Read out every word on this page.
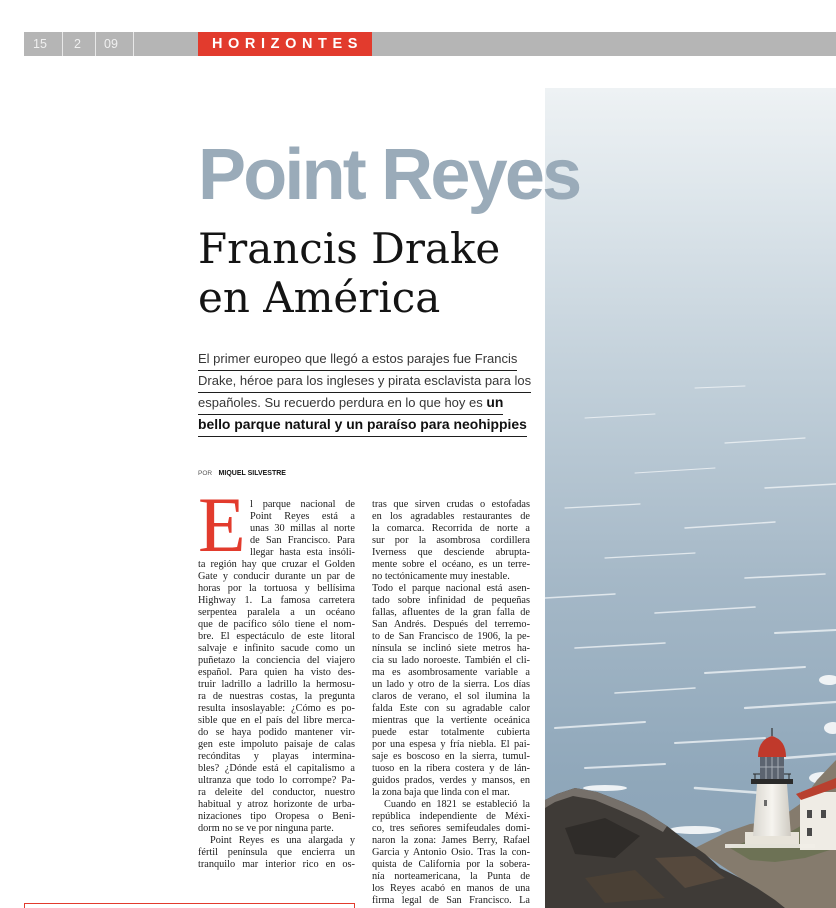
15 2 09	HORIZONTES
Point Reyes
Francis Drake
en América
El primer europeo que llegó a estos parajes fue Francis
Drake, héroe para los ingleses y pirata esclavista para los
españoles. Su recuerdo perdura en lo que hoy es un
bello parque natural y un paraíso para neohippies
POR MIQUEL SILVESTRE
E l parque nacional de
Point Reyes está a
unas 30 millas al norte
de San Francisco. Para
llegar hasta esta insóli-
ta región hay que cruzar el Golden
Gate y conducir durante un par de
horas por la tortuosa y bellísima
Highway 1. La famosa carretera
serpentea paralela a un océano
que de pacífico sólo tiene el nom-
bre. El espectáculo de este litoral
salvaje e infinito sacude como un
puñetazo la conciencia del viajero
español. Para quien ha visto des-
truir ladrillo a ladrillo la hermosu-
ra de nuestras costas, la pregunta
resulta insoslayable: ¿Cómo es po-
sible que en el país del libre merca-
do se haya podido mantener vir-
gen este impoluto paisaje de calas
recónditas y playas intermina-
bles? ¿Dónde está el capitalismo a
ultranza que todo lo corrompe? Pa-
ra deleite del conductor, nuestro
habitual y atroz horizonte de urba-
nizaciones tipo Oropesa o Beni-
dorm no se ve por ninguna parte.
Point Reyes es una alargada y
fértil península que encierra un
tranquilo mar interior rico en os-
tras que sirven crudas o estofadas
en los agradables restaurantes de
la comarca. Recorrida de norte a
sur por la asombrosa cordillera
Iverness que desciende abrupta-
mente sobre el océano, es un terre-
no tectónicamente muy inestable.
Todo el parque nacional está asen-
tado sobre infinidad de pequeñas
fallas, afluentes de la gran falla de
San Andrés. Después del terremo-
to de San Francisco de 1906, la pe-
nínsula se inclinó siete metros ha-
cia su lado noroeste. También el cli-
ma es asombrosamente variable a
un lado y otro de la sierra. Los días
claros de verano, el sol ilumina la
falda Este con su agradable calor
mientras que la vertiente oceánica
puede estar totalmente cubierta
por una espesa y fría niebla. El pai-
saje es boscoso en la sierra, tumul-
tuoso en la ribera costera y de lán-
guidos prados, verdes y mansos, en
la zona baja que linda con el mar.
Cuando en 1821 se estableció la
república independiente de Méxi-
co, tres señores semifeudales domi-
naron la zona: James Berry, Rafael
Garcia y Antonio Osio. Tras la con-
quista de California por la sobera-
nía norteamericana, la Punta de
los Reyes acabó en manos de una
firma legal de San Francisco. La
